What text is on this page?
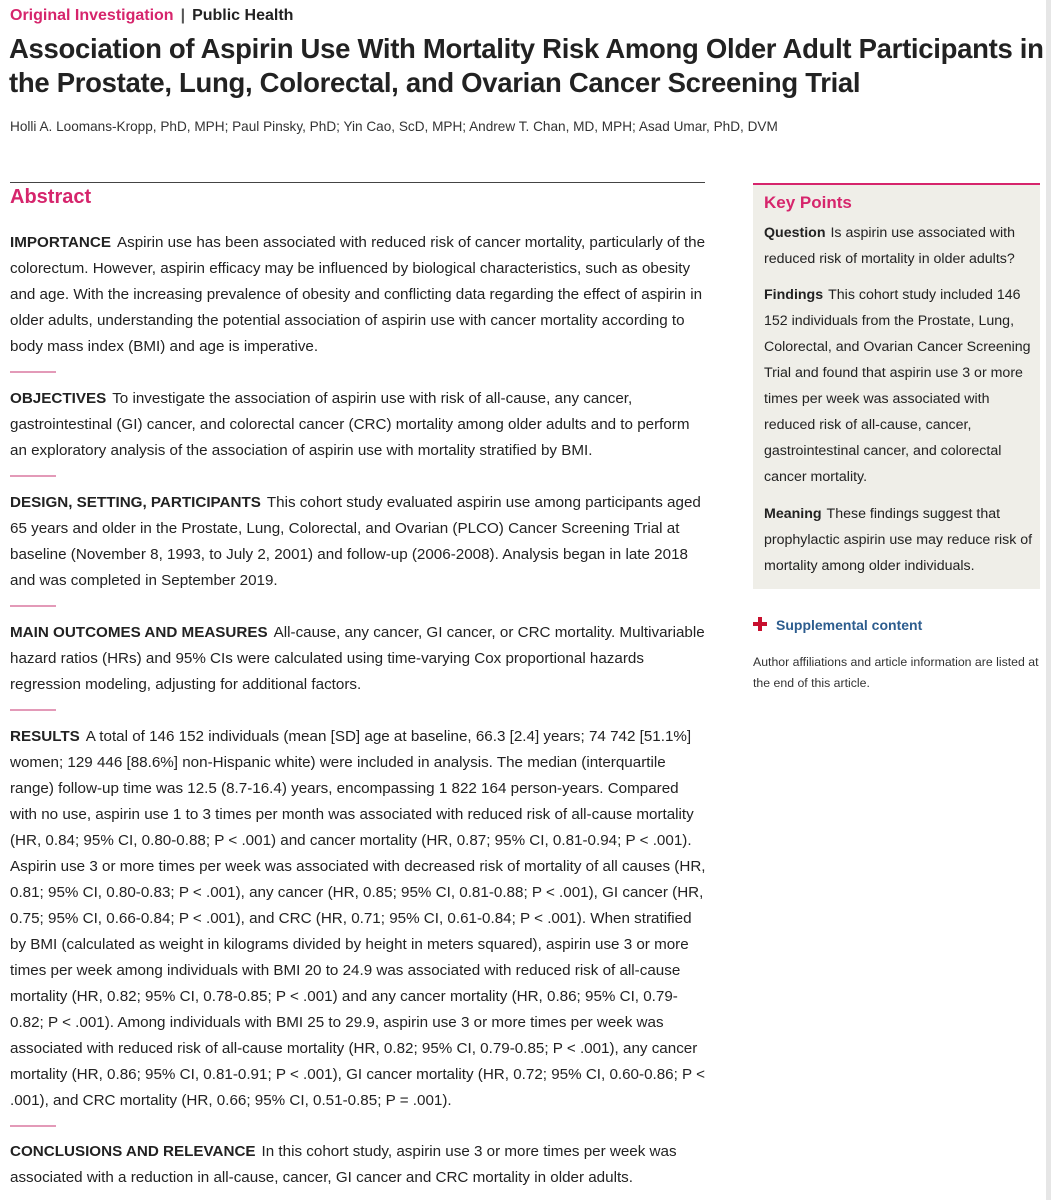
Original Investigation | Public Health
Association of Aspirin Use With Mortality Risk Among Older Adult Participants in the Prostate, Lung, Colorectal, and Ovarian Cancer Screening Trial
Holli A. Loomans-Kropp, PhD, MPH; Paul Pinsky, PhD; Yin Cao, ScD, MPH; Andrew T. Chan, MD, MPH; Asad Umar, PhD, DVM
Abstract

IMPORTANCE Aspirin use has been associated with reduced risk of cancer mortality, particularly of the colorectum. However, aspirin efficacy may be influenced by biological characteristics, such as obesity and age. With the increasing prevalence of obesity and conflicting data regarding the effect of aspirin in older adults, understanding the potential association of aspirin use with cancer mortality according to body mass index (BMI) and age is imperative.

OBJECTIVES To investigate the association of aspirin use with risk of all-cause, any cancer, gastrointestinal (GI) cancer, and colorectal cancer (CRC) mortality among older adults and to perform an exploratory analysis of the association of aspirin use with mortality stratified by BMI.

DESIGN, SETTING, PARTICIPANTS This cohort study evaluated aspirin use among participants aged 65 years and older in the Prostate, Lung, Colorectal, and Ovarian (PLCO) Cancer Screening Trial at baseline (November 8, 1993, to July 2, 2001) and follow-up (2006-2008). Analysis began in late 2018 and was completed in September 2019.

MAIN OUTCOMES AND MEASURES All-cause, any cancer, GI cancer, or CRC mortality. Multivariable hazard ratios (HRs) and 95% CIs were calculated using time-varying Cox proportional hazards regression modeling, adjusting for additional factors.

RESULTS A total of 146 152 individuals (mean [SD] age at baseline, 66.3 [2.4] years; 74 742 [51.1%] women; 129 446 [88.6%] non-Hispanic white) were included in analysis. The median (interquartile range) follow-up time was 12.5 (8.7-16.4) years, encompassing 1 822 164 person-years. Compared with no use, aspirin use 1 to 3 times per month was associated with reduced risk of all-cause mortality (HR, 0.84; 95% CI, 0.80-0.88; P < .001) and cancer mortality (HR, 0.87; 95% CI, 0.81-0.94; P < .001). Aspirin use 3 or more times per week was associated with decreased risk of mortality of all causes (HR, 0.81; 95% CI, 0.80-0.83; P < .001), any cancer (HR, 0.85; 95% CI, 0.81-0.88; P < .001), GI cancer (HR, 0.75; 95% CI, 0.66-0.84; P < .001), and CRC (HR, 0.71; 95% CI, 0.61-0.84; P < .001). When stratified by BMI (calculated as weight in kilograms divided by height in meters squared), aspirin use 3 or more times per week among individuals with BMI 20 to 24.9 was associated with reduced risk of all-cause mortality (HR, 0.82; 95% CI, 0.78-0.85; P < .001) and any cancer mortality (HR, 0.86; 95% CI, 0.79-0.82; P < .001). Among individuals with BMI 25 to 29.9, aspirin use 3 or more times per week was associated with reduced risk of all-cause mortality (HR, 0.82; 95% CI, 0.79-0.85; P < .001), any cancer mortality (HR, 0.86; 95% CI, 0.81-0.91; P < .001), GI cancer mortality (HR, 0.72; 95% CI, 0.60-0.86; P < .001), and CRC mortality (HR, 0.66; 95% CI, 0.51-0.85; P = .001).

CONCLUSIONS AND RELEVANCE In this cohort study, aspirin use 3 or more times per week was associated with a reduction in all-cause, cancer, GI cancer and CRC mortality in older adults.

Key Points

Question Is aspirin use associated with reduced risk of mortality in older adults?

Findings This cohort study included 146 152 individuals from the Prostate, Lung, Colorectal, and Ovarian Cancer Screening Trial and found that aspirin use 3 or more times per week was associated with reduced risk of all-cause, cancer, gastrointestinal cancer, and colorectal cancer mortality.

Meaning These findings suggest that prophylactic aspirin use may reduce risk of mortality among older individuals.

Supplemental content

Author affiliations and article information are listed at the end of this article.
